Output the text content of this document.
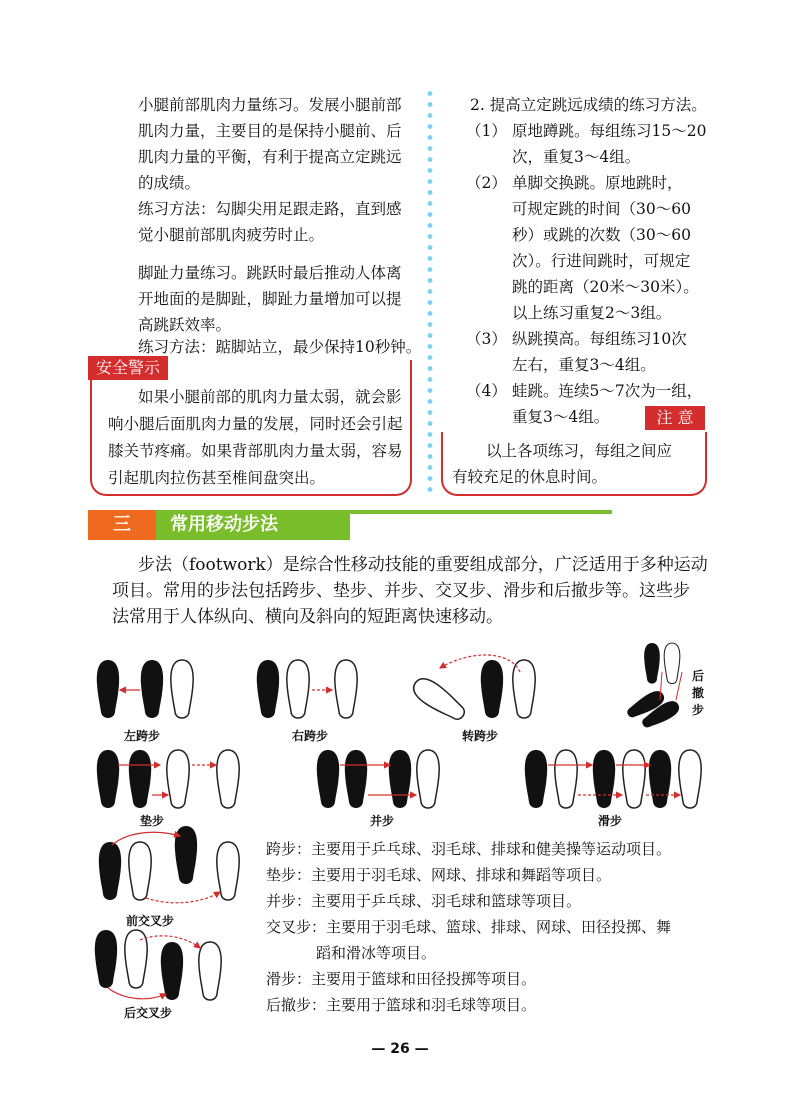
小腿前部肌肉力量练习。发展小腿前部
肌肉力量，主要目的是保持小腿前、后
肌肉力量的平衡，有利于提高立定跳远
的成绩。
练习方法：勾脚尖用足跟走路，直到感
觉小腿前部肌肉疲劳时止。
脚趾力量练习。跳跃时最后推动人体离
开地面的是脚趾，脚趾力量增加可以提
高跳跃效率。
练习方法：踮脚站立，最少保持10秒钟。
安全警示
如果小腿前部的肌肉力量太弱，就会影
响小腿后面肌肉力量的发展，同时还会引起
膝关节疼痛。如果背部肌肉力量太弱，容易
引起肌肉拉伤甚至椎间盘突出。
2. 提高立定跳远成绩的练习方法。
（1） 原地蹲跳。每组练习15～20
次，重复3～4组。
（2） 单脚交换跳。原地跳时，
可规定跳的时间（30～60
秒）或跳的次数（30～60
次）。行进间跳时，可规定
跳的距离（20米～30米）。
以上练习重复2～3组。
（3） 纵跳摸高。每组练习10次
左右，重复3～4组。
（4） 蛙跳。连续5～7次为一组，
重复3～4组。	注 意
以上各项练习，每组之间应
有较充足的休息时间。
三	常用移动步法
步法（footwork）是综合性移动技能的重要组成部分，广泛适用于多种运动
项目。常用的步法包括跨步、垫步、并步、交叉步、滑步和后撤步等。这些步
法常用于人体纵向、横向及斜向的短距离快速移动。
左跨步	右跨步	转跨步
后撤步
垫步	并步	滑步
前交叉步
后交叉步
跨步：主要用于乒乓球、羽毛球、排球和健美操等运动项目。
垫步：主要用于羽毛球、网球、排球和舞蹈等项目。
并步：主要用于乒乓球、羽毛球和篮球等项目。
交叉步：主要用于羽毛球、篮球、排球、网球、田径投掷、舞
蹈和滑冰等项目。
滑步：主要用于篮球和田径投掷等项目。
后撤步：主要用于篮球和羽毛球等项目。
— 26 —
